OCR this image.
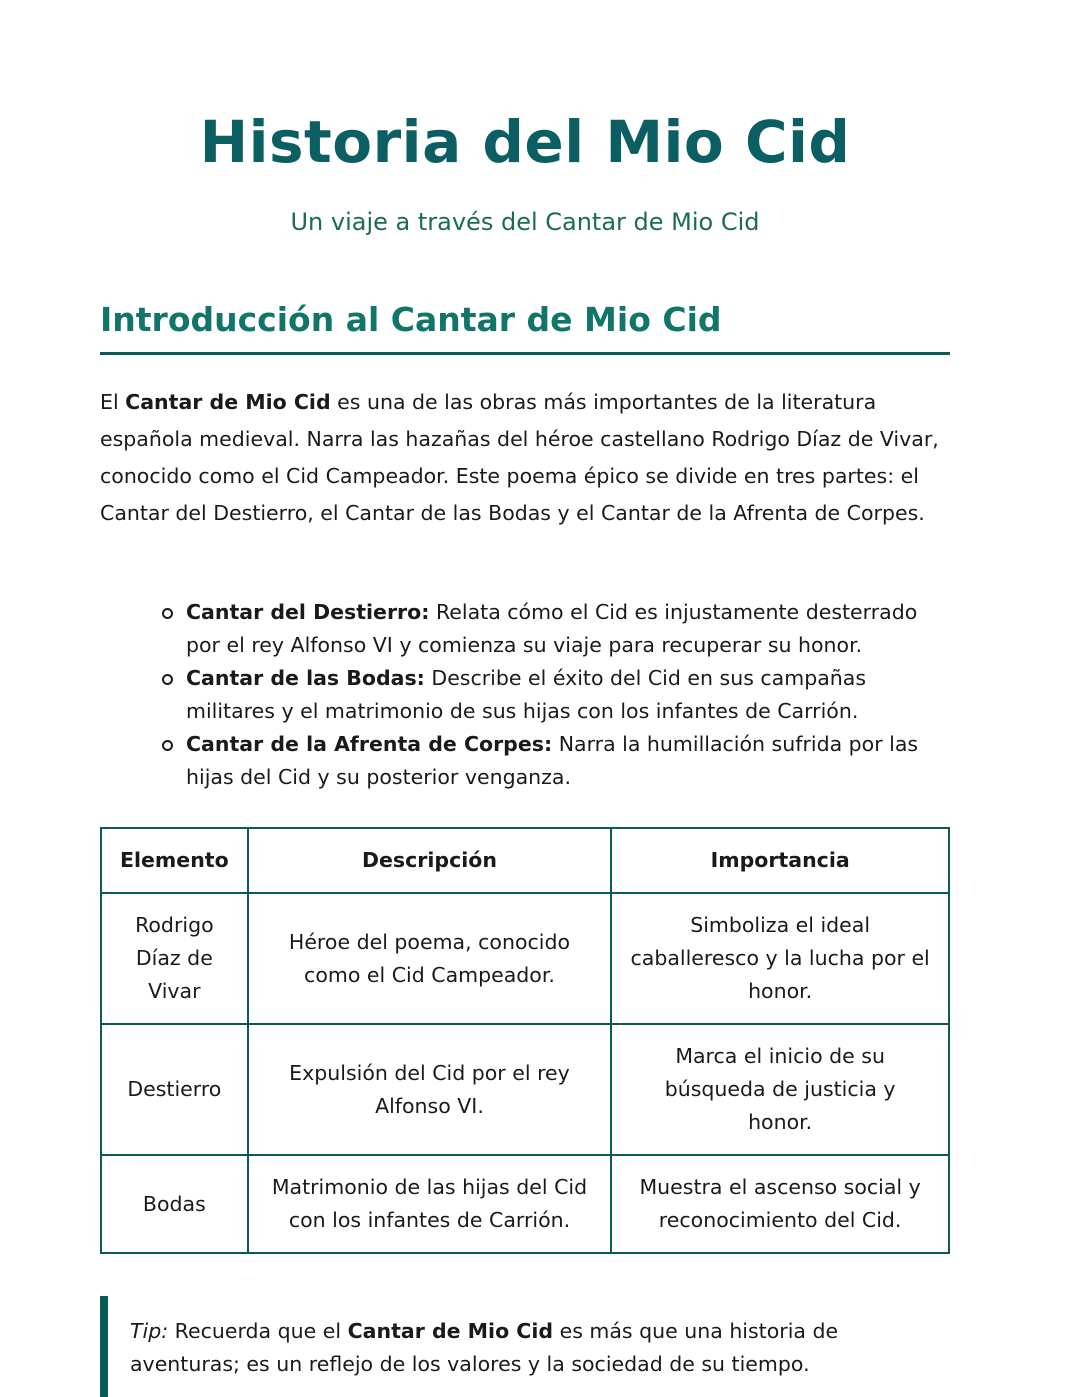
Historia del Mio Cid

Un viaje a través del Cantar de Mio Cid

Introducción al Cantar de Mio Cid

El Cantar de Mio Cid es una de las obras más importantes de la literatura española medieval. Narra las hazañas del héroe castellano Rodrigo Díaz de Vivar, conocido como el Cid Campeador. Este poema épico se divide en tres partes: el Cantar del Destierro, el Cantar de las Bodas y el Cantar de la Afrenta de Corpes.

Cantar del Destierro: Relata cómo el Cid es injustamente desterrado por el rey Alfonso VI y comienza su viaje para recuperar su honor.
Cantar de las Bodas: Describe el éxito del Cid en sus campañas militares y el matrimonio de sus hijas con los infantes de Carrión.
Cantar de la Afrenta de Corpes: Narra la humillación sufrida por las hijas del Cid y su posterior venganza.
Elemento	Descripción	Importancia
Rodrigo Díaz de Vivar	Héroe del poema, conocido como el Cid Campeador.	Simboliza el ideal caballeresco y la lucha por el honor.
Destierro	Expulsión del Cid por el rey Alfonso VI.	Marca el inicio de su búsqueda de justicia y honor.
Bodas	Matrimonio de las hijas del Cid con los infantes de Carrión.	Muestra el ascenso social y reconocimiento del Cid.
Tip: Recuerda que el Cantar de Mio Cid es más que una historia de aventuras; es un reflejo de los valores y la sociedad de su tiempo.
